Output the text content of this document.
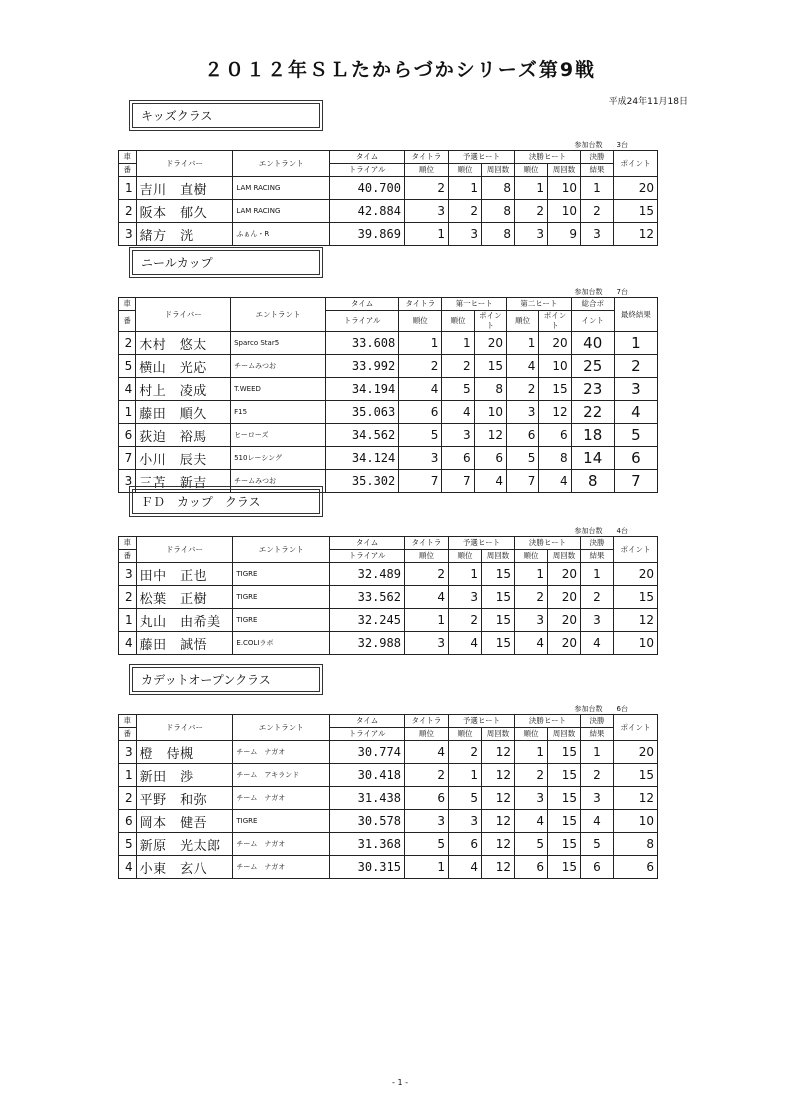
２０１２年ＳＬたからづかシリーズ第9戦
平成24年11月18日
キッズクラス
参加台数　　3台
車	ドライバー	エントラント	タイム	タイトラ	予選ヒート		決勝ヒート		決勝	ポイント
番			トライアル	順位	順位	周回数	順位	周回数	結果	
1	吉川　直樹	LAM RACING	40.700	2	1	8	1	10	1	20
2	阪本　郁久	LAM RACING	42.884	3	2	8	2	10	2	15
3	緒方　洸	ふぁん・R	39.869	1	3	8	3	9	3	12
ニールカップ
参加台数　　7台
車	ドライバー	エントラント	タイム	タイトラ	第一ヒート		第二ヒート		総合ポ	最終結果
番			トライアル	順位	順位	ポイント	順位	ポイント	イント	
2	木村　悠太	Sparco Star5	33.608	1	1	20	1	20	40	1
5	横山　光応	チームみつお	33.992	2	2	15	4	10	25	2
4	村上　凌成	T.WEED	34.194	4	5	8	2	15	23	3
1	藤田　順久	F15	35.063	6	4	10	3	12	22	4
6	荻迫　裕馬	ヒーローズ	34.562	5	3	12	6	6	18	5
7	小川　辰夫	510レーシング	34.124	3	6	6	5	8	14	6
3	三苫　新吉	チームみつお	35.302	7	7	4	7	4	8	7
ＦＤ　カップ　クラス
参加台数　　4台
車	ドライバー	エントラント	タイム	タイトラ	予選ヒート		決勝ヒート		決勝	ポイント
番			トライアル	順位	順位	周回数	順位	周回数	結果	
3	田中　正也	TIGRE	32.489	2	1	15	1	20	1	20
2	松葉　正樹	TIGRE	33.562	4	3	15	2	20	2	15
1	丸山　由希美	TIGRE	32.245	1	2	15	3	20	3	12
4	藤田　誠悟	E.COLIラボ	32.988	3	4	15	4	20	4	10
カデットオープンクラス
参加台数　　6台
車	ドライバー	エントラント	タイム	タイトラ	予選ヒート		決勝ヒート		決勝	ポイント
番			トライアル	順位	順位	周回数	順位	周回数	結果	
3	橙　侍槻	チーム　ナガオ	30.774	4	2	12	1	15	1	20
1	新田　渉	チーム　アキランド	30.418	2	1	12	2	15	2	15
2	平野　和弥	チーム　ナガオ	31.438	6	5	12	3	15	3	12
6	岡本　健吾	TIGRE	30.578	3	3	12	4	15	4	10
5	新原　光太郎	チーム　ナガオ	31.368	5	6	12	5	15	5	8
4	小東　玄八	チーム　ナガオ	30.315	1	4	12	6	15	6	6
- 1 -
